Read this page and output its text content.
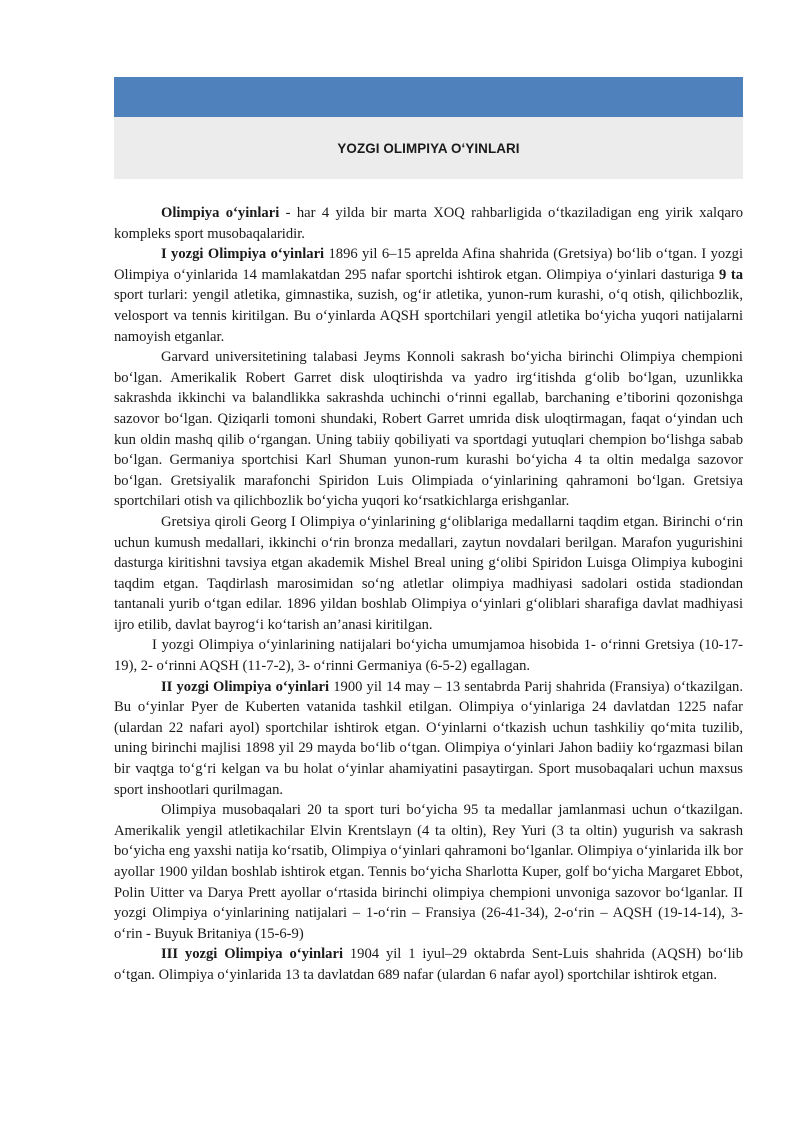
YOZGI OLIMPIYA O‘YINLARI

Olimpiya o‘yinlari - har 4 yilda bir marta XOQ rahbarligida o‘tkaziladigan eng yirik xalqaro kompleks sport musobaqalaridir.

I yozgi Olimpiya o‘yinlari 1896 yil 6–15 aprelda Afina shahrida (Gretsiya) bo‘lib o‘tgan. I yozgi Olimpiya o‘yinlarida 14 mamlakatdan 295 nafar sportchi ishtirok etgan. Olimpiya o‘yinlari dasturiga 9 ta sport turlari: yengil atletika, gimnastika, suzish, og‘ir atletika, yunon-rum kurashi, o‘q otish, qilichbozlik, velosport va tennis kiritilgan. Bu o‘yinlarda AQSH sportchilari yengil atletika bo‘yicha yuqori natijalarni namoyish etganlar.

Garvard universitetining talabasi Jeyms Konnoli sakrash bo‘yicha birinchi Olimpiya chempioni bo‘lgan. Amerikalik Robert Garret disk uloqtirishda va yadro irg‘itishda g‘olib bo‘lgan, uzunlikka sakrashda ikkinchi va balandlikka sakrashda uchinchi o‘rinni egallab, barchaning e’tiborini qozonishga sazovor bo‘lgan. Qiziqarli tomoni shundaki, Robert Garret umrida disk uloqtirmagan, faqat o‘yindan uch kun oldin mashq qilib o‘rgangan. Uning tabiiy qobiliyati va sportdagi yutuqlari chempion bo‘lishga sabab bo‘lgan. Germaniya sportchisi Karl Shuman yunon-rum kurashi bo‘yicha 4 ta oltin medalga sazovor bo‘lgan. Gretsiyalik marafonchi Spiridon Luis Olimpiada o‘yinlarining qahramoni bo‘lgan. Gretsiya sportchilari otish va qilichbozlik bo‘yicha yuqori ko‘rsatkichlarga erishganlar.

Gretsiya qiroli Georg I Olimpiya o‘yinlarining g‘oliblariga medallarni taqdim etgan. Birinchi o‘rin uchun kumush medallari, ikkinchi o‘rin bronza medallari, zaytun novdalari berilgan. Marafon yugurishini dasturga kiritishni tavsiya etgan akademik Mishel Breal uning g‘olibi Spiridon Luisga Olimpiya kubogini taqdim etgan. Taqdirlash marosimidan so‘ng atletlar olimpiya madhiyasi sadolari ostida stadiondan tantanali yurib o‘tgan edilar. 1896 yildan boshlab Olimpiya o‘yinlari g‘oliblari sharafiga davlat madhiyasi ijro etilib, davlat bayrog‘i ko‘tarish an’anasi kiritilgan.

I yozgi Olimpiya o‘yinlarining natijalari bo‘yicha umumjamoa hisobida 1- o‘rinni Gretsiya (10-17-19), 2- o‘rinni AQSH (11-7-2), 3- o‘rinni Germaniya (6-5-2) egallagan.

II yozgi Olimpiya o‘yinlari 1900 yil 14 may – 13 sentabrda Parij shahrida (Fransiya) o‘tkazilgan. Bu o‘yinlar Pyer de Kuberten vatanida tashkil etilgan. Olimpiya o‘yinlariga 24 davlatdan 1225 nafar (ulardan 22 nafari ayol) sportchilar ishtirok etgan. O‘yinlarni o‘tkazish uchun tashkiliy qo‘mita tuzilib, uning birinchi majlisi 1898 yil 29 mayda bo‘lib o‘tgan. Olimpiya o‘yinlari Jahon badiiy ko‘rgazmasi bilan bir vaqtga to‘g‘ri kelgan va bu holat o‘yinlar ahamiyatini pasaytirgan. Sport musobaqalari uchun maxsus sport inshootlari qurilmagan.

Olimpiya musobaqalari 20 ta sport turi bo‘yicha 95 ta medallar jamlanmasi uchun o‘tkazilgan. Amerikalik yengil atletikachilar Elvin Krentslayn (4 ta oltin), Rey Yuri (3 ta oltin) yugurish va sakrash bo‘yicha eng yaxshi natija ko‘rsatib, Olimpiya o‘yinlari qahramoni bo‘lganlar. Olimpiya o‘yinlarida ilk bor ayollar 1900 yildan boshlab ishtirok etgan. Tennis bo‘yicha Sharlotta Kuper, golf bo‘yicha Margaret Ebbot, Polin Uitter va Darya Prett ayollar o‘rtasida birinchi olimpiya chempioni unvoniga sazovor bo‘lganlar. II yozgi Olimpiya o‘yinlarining natijalari – 1-o‘rin – Fransiya (26-41-34), 2-o‘rin – AQSH (19-14-14), 3-o‘rin - Buyuk Britaniya (15-6-9)

III yozgi Olimpiya o‘yinlari 1904 yil 1 iyul–29 oktabrda Sent-Luis shahrida (AQSH) bo‘lib o‘tgan. Olimpiya o‘yinlarida 13 ta davlatdan 689 nafar (ulardan 6 nafar ayol) sportchilar ishtirok etgan.
